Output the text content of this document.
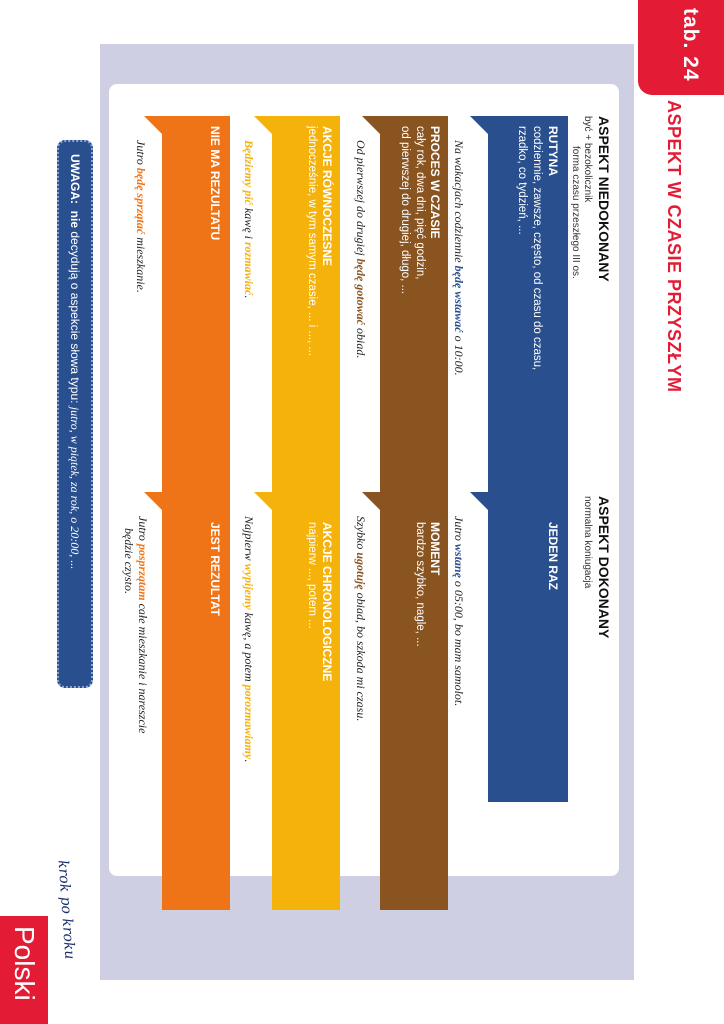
tab. 24
ASPEKT W CZASIE PRZYSZŁYM
ASPEKT NIEDOKONANY
być + bezokolicznik
forma czasu przeszłego III os.
ASPEKT DOKONANY
normalna koniugacja
RUTYNA
codziennie, zawsze, często, od czasu do czasu,
rzadko, co tydzień, ...
JEDEN RAZ
Na wakacjach codziennie będę wstawać o 10:00.
Jutro wstanę o 05:00, bo mam samolot.
PROCES W CZASIE
cały rok, dwa dni, pięć godzin,
od pierwszej do drugiej, długo, ...
MOMENT
bardzo szybko, nagle, ...
Od pierwszej do drugiej będę gotować obiad.
Szybko ugotuję obiad, bo szkoda mi czasu.
AKCJE RÓWNOCZESNE
jednocześnie, w tym samym czasie, ... i ..., ...
AKCJE CHRONOLOGICZNE
najpierw ..., potem ...
Będziemy pić kawę i rozmawiać.
Najpierw wypijemy kawę, a potem porozmawiamy.
NIE MA REZULTATU
JEST REZULTAT
Jutro będę sprzątać mieszkanie.
Jutro posprzątam całe mieszkanie i nareszcie
będzie czysto.
UWAGA:  nie decydują o aspekcie słowa typu: jutro, w piątek, za rok, o 20:00, ...
krok po kroku
Polski
